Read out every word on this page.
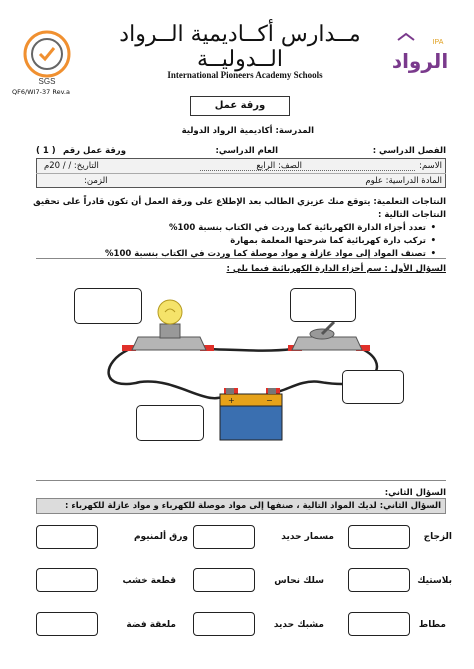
SGS
QF6/WI7-37 Rev.a
مــدارس أكــاديمية الــرواد الــدوليــة
International Pioneers Academy Schools
الرواد
IPA
ورقة عمل
المدرسة: أكاديمية الرواد الدولية
الفصل الدراسي :
العام الدراسي:
ورقة عمل رقم
( 1 )
الاسم:
الصف: الرابع
التاريخ: / / 20م
المادة الدراسية: علوم
الزمن:
النتاجات التعلمية: يتوقع منك عزيزي الطالب بعد الإطلاع على ورقة العمل أن تكون قادراً على تحقيق النتاجات التالية :
• تعدد أجزاء الدارة الكهربائية كما وردت في الكتاب بنسبة 100%
• تركب دارة كهربائية كما شرحتها المعلمة بمهارة
• تصنف المواد إلى مواد عازلة و مواد موصلة كما وردت في الكتاب بنسبة 100%
السؤال الأول : سم أجزاء الدارة الكهربائية فيما يلي :
+	−
السؤال الثاني:
السؤال الثاني: لديك المواد التالية ، صنفها إلى مواد موصلة للكهرباء و مواد عازلة للكهرباء :
الزجاج
مسمار حديد
ورق ألمنيوم
بلاستيك
سلك نحاس
قطعة خشب
مطاط
مشبك حديد
ملعقة فضة
